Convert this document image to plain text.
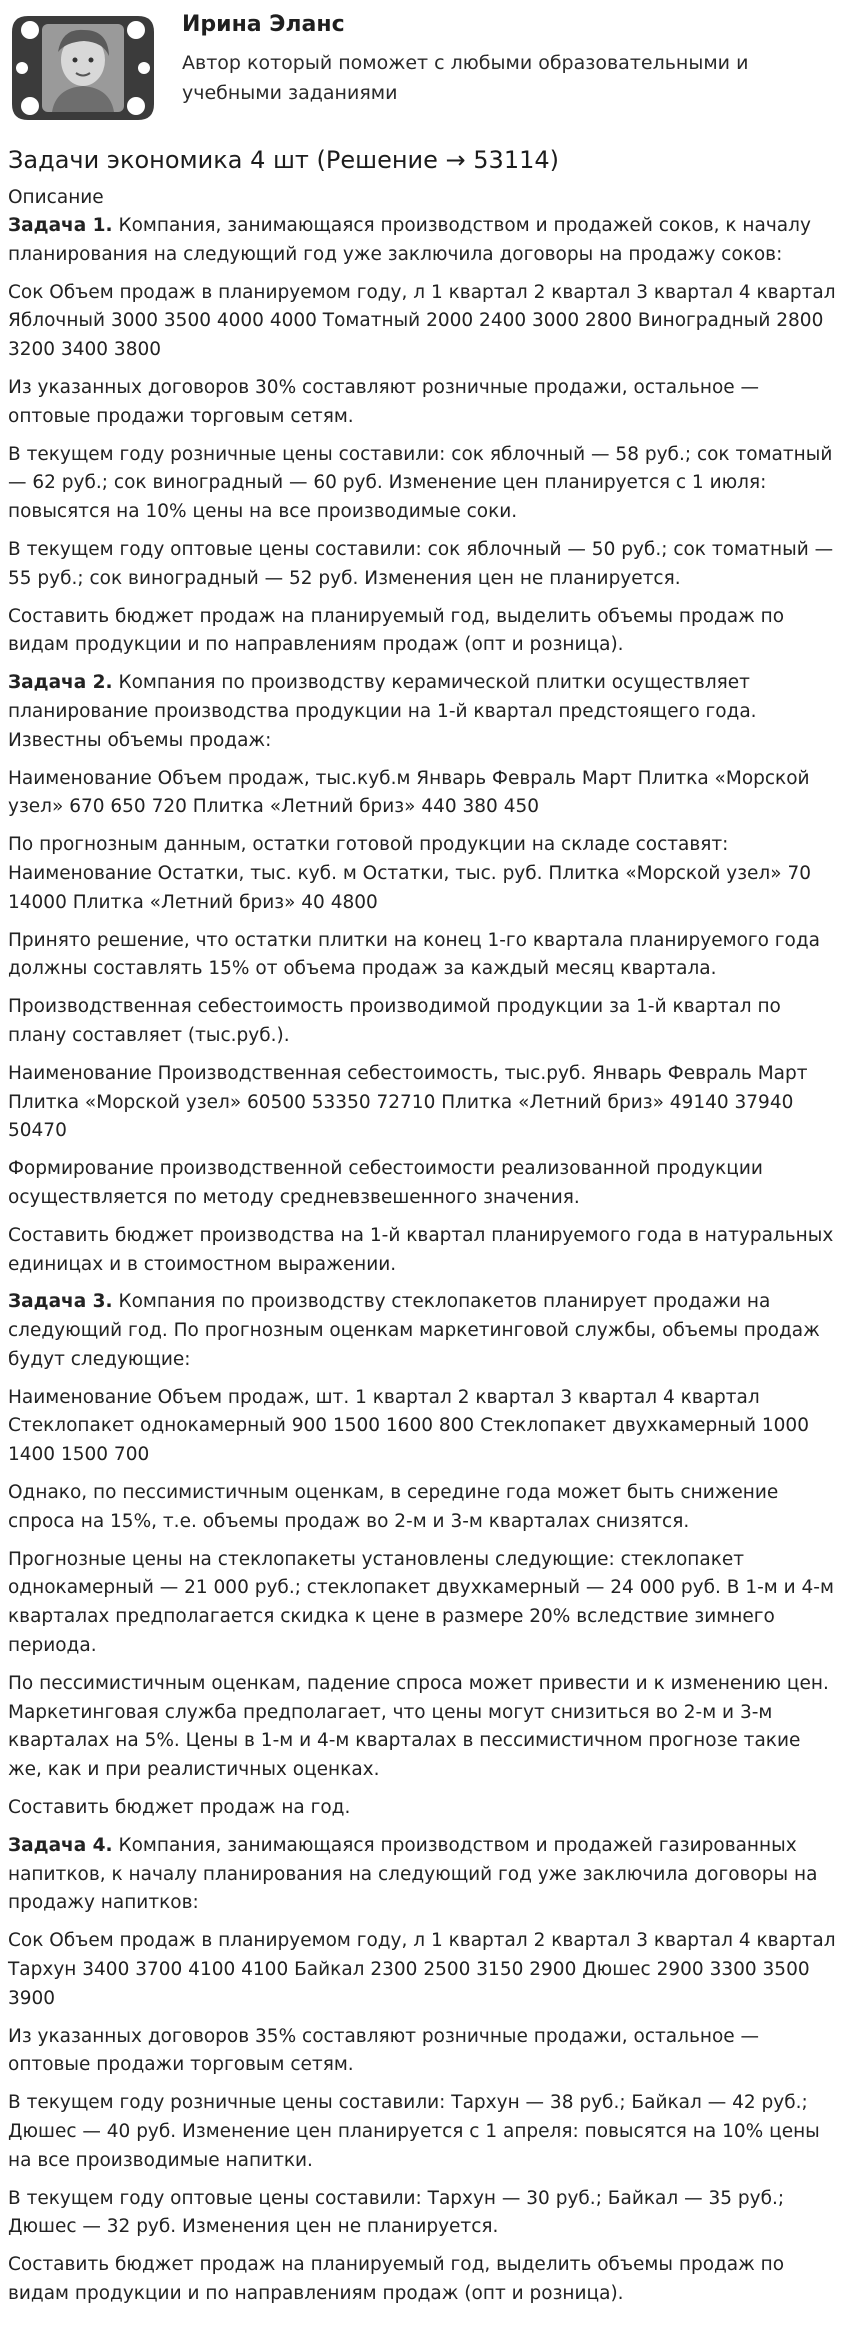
Ирина Эланс
Автор который поможет с любыми образовательными и учебными заданиями
Задачи экономика 4 шт (Решение → 53114)
Описание

Задача 1. Компания, занимающаяся производством и продажей соков, к началу планирования на следующий год уже заключила договоры на продажу соков:

Сок Объем продаж в планируемом году, л 1 квартал 2 квартал 3 квартал 4 квартал Яблочный 3000 3500 4000 4000 Томатный 2000 2400 3000 2800 Виноградный 2800 3200 3400 3800

Из указанных договоров 30% составляют розничные продажи, остальное — оптовые продажи торговым сетям.

В текущем году розничные цены составили: сок яблочный — 58 руб.; сок томатный — 62 руб.; сок виноградный — 60 руб. Изменение цен планируется с 1 июля: повысятся на 10% цены на все производимые соки.

В текущем году оптовые цены составили: сок яблочный — 50 руб.; сок томатный — 55 руб.; сок виноградный — 52 руб. Изменения цен не планируется.

Составить бюджет продаж на планируемый год, выделить объемы продаж по видам продукции и по направлениям продаж (опт и розница).

Задача 2. Компания по производству керамической плитки осуществляет планирование производства продукции на 1-й квартал предстоящего года. Известны объемы продаж:

Наименование Объем продаж, тыс.куб.м Январь Февраль Март Плитка «Морской узел» 670 650 720 Плитка «Летний бриз» 440 380 450

По прогнозным данным, остатки готовой продукции на складе составят: Наименование Остатки, тыс. куб. м Остатки, тыс. руб. Плитка «Морской узел» 70 14000 Плитка «Летний бриз» 40 4800

Принято решение, что остатки плитки на конец 1-го квартала планируемого года должны составлять 15% от объема продаж за каждый месяц квартала.

Производственная себестоимость производимой продукции за 1-й квартал по плану составляет (тыс.руб.).

Наименование Производственная себестоимость, тыс.руб. Январь Февраль Март Плитка «Морской узел» 60500 53350 72710 Плитка «Летний бриз» 49140 37940 50470

Формирование производственной себестоимости реализованной продукции осуществляется по методу средневзвешенного значения.

Составить бюджет производства на 1-й квартал планируемого года в натуральных единицах и в стоимостном выражении.

Задача 3. Компания по производству стеклопакетов планирует продажи на следующий год. По прогнозным оценкам маркетинговой службы, объемы продаж будут следующие:

Наименование Объем продаж, шт. 1 квартал 2 квартал 3 квартал 4 квартал Стеклопакет однокамерный 900 1500 1600 800 Стеклопакет двухкамерный 1000 1400 1500 700

Однако, по пессимистичным оценкам, в середине года может быть снижение спроса на 15%, т.е. объемы продаж во 2-м и 3-м кварталах снизятся.

Прогнозные цены на стеклопакеты установлены следующие: стеклопакет однокамерный — 21 000 руб.; стеклопакет двухкамерный — 24 000 руб. В 1-м и 4-м кварталах предполагается скидка к цене в размере 20% вследствие зимнего периода.

По пессимистичным оценкам, падение спроса может привести и к изменению цен. Маркетинговая служба предполагает, что цены могут снизиться во 2-м и 3-м кварталах на 5%. Цены в 1-м и 4-м кварталах в пессимистичном прогнозе такие же, как и при реалистичных оценках.

Составить бюджет продаж на год.

Задача 4. Компания, занимающаяся производством и продажей газированных напитков, к началу планирования на следующий год уже заключила договоры на продажу напитков:

Сок Объем продаж в планируемом году, л 1 квартал 2 квартал 3 квартал 4 квартал Тархун 3400 3700 4100 4100 Байкал 2300 2500 3150 2900 Дюшес 2900 3300 3500 3900

Из указанных договоров 35% составляют розничные продажи, остальное — оптовые продажи торговым сетям.

В текущем году розничные цены составили: Тархун — 38 руб.; Байкал — 42 руб.; Дюшес — 40 руб. Изменение цен планируется с 1 апреля: повысятся на 10% цены на все производимые напитки.

В текущем году оптовые цены составили: Тархун — 30 руб.; Байкал — 35 руб.; Дюшес — 32 руб. Изменения цен не планируется.

Составить бюджет продаж на планируемый год, выделить объемы продаж по видам продукции и по направлениям продаж (опт и розница).
